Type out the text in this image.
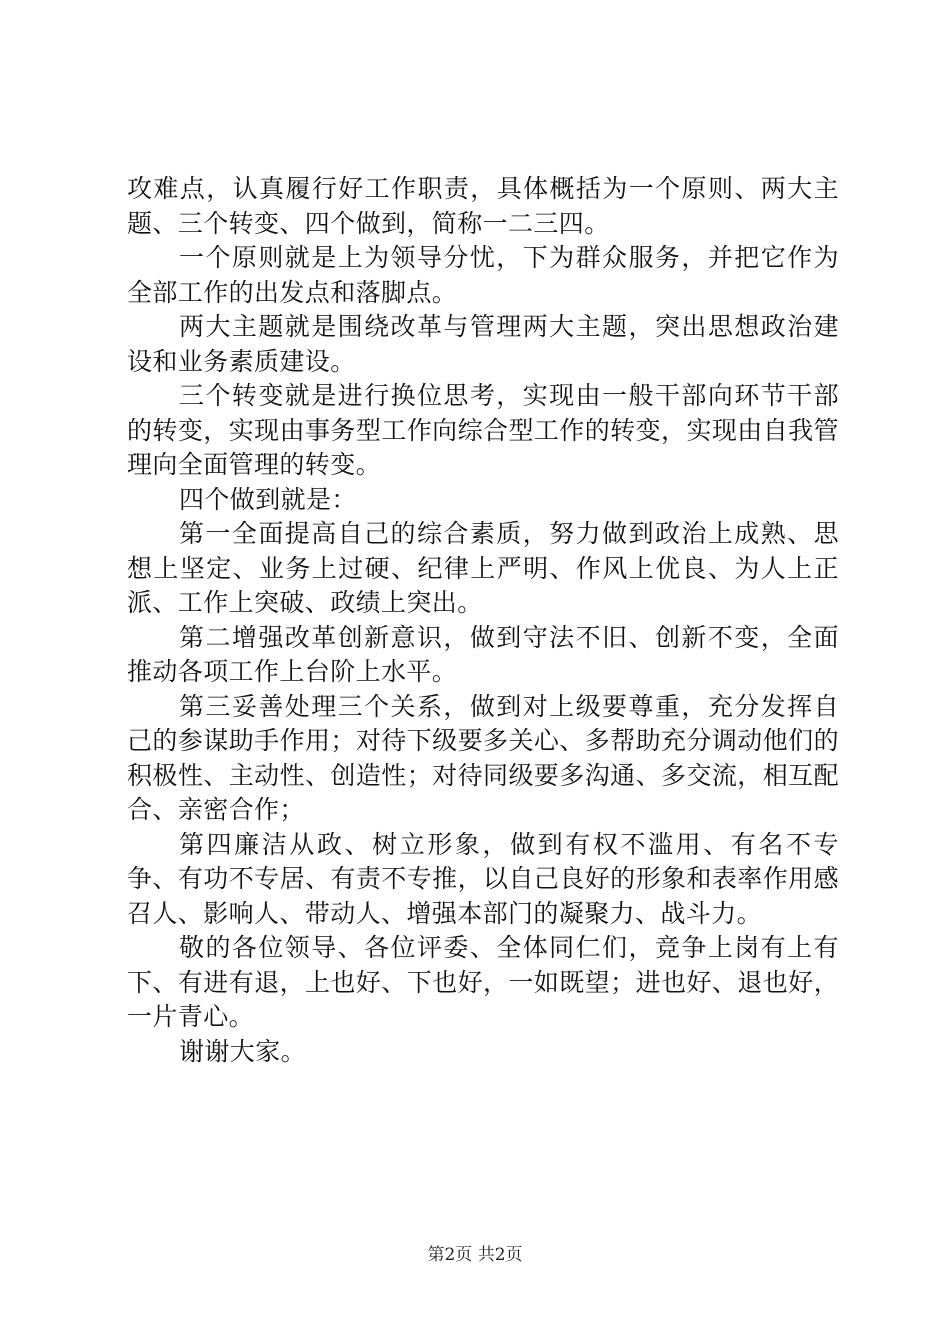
攻难点，认真履行好工作职责，具体概括为一个原则、两大主题、三个转变、四个做到，简称一二三四。

一个原则就是上为领导分忧，下为群众服务，并把它作为全部工作的出发点和落脚点。

两大主题就是围绕改革与管理两大主题，突出思想政治建设和业务素质建设。

三个转变就是进行换位思考，实现由一般干部向环节干部的转变，实现由事务型工作向综合型工作的转变，实现由自我管理向全面管理的转变。

四个做到就是：

第一全面提高自己的综合素质，努力做到政治上成熟、思想上坚定、业务上过硬、纪律上严明、作风上优良、为人上正派、工作上突破、政绩上突出。

第二增强改革创新意识，做到守法不旧、创新不变，全面推动各项工作上台阶上水平。

第三妥善处理三个关系，做到对上级要尊重，充分发挥自己的参谋助手作用；对待下级要多关心、多帮助充分调动他们的积极性、主动性、创造性；对待同级要多沟通、多交流，相互配合、亲密合作；

第四廉洁从政、树立形象，做到有权不滥用、有名不专争、有功不专居、有责不专推，以自己良好的形象和表率作用感召人、影响人、带动人、增强本部门的凝聚力、战斗力。

敬的各位领导、各位评委、全体同仁们，竞争上岗有上有下、有进有退，上也好、下也好，一如既望；进也好、退也好，一片青心。

谢谢大家。

第2页 共2页
